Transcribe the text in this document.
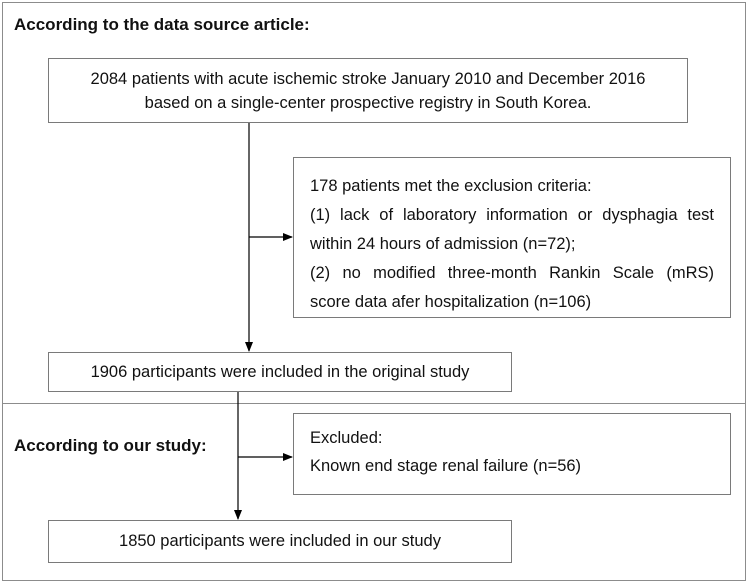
According to the data source article:
According to our study:
2084 patients with acute ischemic stroke January 2010 and December 2016
based on a single-center prospective registry in South Korea.
178 patients met the exclusion criteria:
(1) lack of laboratory information or dysphagia test
within 24 hours of admission (n=72);
(2) no modified three-month Rankin Scale (mRS)
score data afer hospitalization (n=106)
1906 participants were included in the original study
Excluded:
Known end stage renal failure (n=56)
1850 participants were included in our study
